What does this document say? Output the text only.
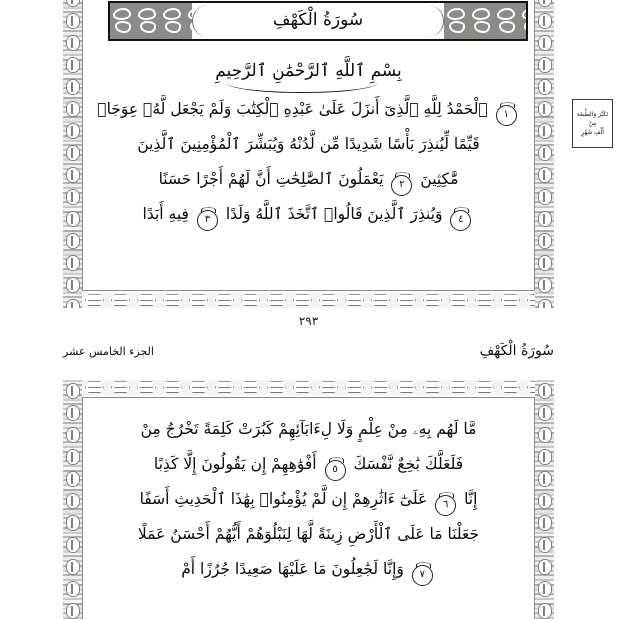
سُورَةُ الْكَهْفِ
بِسْمِ ٱللَّهِ ٱلرَّحْمَٰنِ ٱلرَّحِيمِ
١ ٱلْحَمْدُ لِلَّهِ ٱلَّذِىٓ أَنزَلَ عَلَىٰ عَبْدِهِ ٱلْكِتَٰبَ وَلَمْ يَجْعَل لَّهُۥ عِوَجَاۜ
قَيِّمًا لِّيُنذِرَ بَأْسًا شَدِيدًا مِّن لَّدُنْهُ وَيُبَشِّرَ ٱلْمُؤْمِنِينَ ٱلَّذِينَ
مَّٰكِثِينَ ٢ يَعْمَلُونَ ٱلصَّٰلِحَٰتِ أَنَّ لَهُمْ أَجْرًا حَسَنًا
٤ وَيُنذِرَ ٱلَّذِينَ قَالُوا۟ ٱتَّخَذَ ٱللَّهُ وَلَدًا ٣ فِيهِ أَبَدًا
٢٩٣
تَكَبَّرَ وَالطِّيفَة
مِنْ
أَلْفِ شَهْرٍ
سُورَةُ الْكَهْفِ
الجزء الخامس عشر
مَّا لَهُم بِهِۦ مِنْ عِلْمٍ وَلَا لِءَابَآئِهِمْ كَبُرَتْ كَلِمَةً تَخْرُجُ مِنْ
فَلَعَلَّكَ بَٰخِعٌ نَّفْسَكَ ٥ أَفْوَٰهِهِمْ إِن يَقُولُونَ إِلَّا كَذِبًا
إِنَّا ٦ عَلَىٰٓ ءَاثَٰرِهِمْ إِن لَّمْ يُؤْمِنُوا۟ بِهَٰذَا ٱلْحَدِيثِ أَسَفًا
جَعَلْنَا مَا عَلَى ٱلْأَرْضِ زِينَةً لَّهَا لِنَبْلُوَهُمْ أَيُّهُمْ أَحْسَنُ عَمَلًا
٧ وَإِنَّا لَجَٰعِلُونَ مَا عَلَيْهَا صَعِيدًا جُرُزًا أَمْ
